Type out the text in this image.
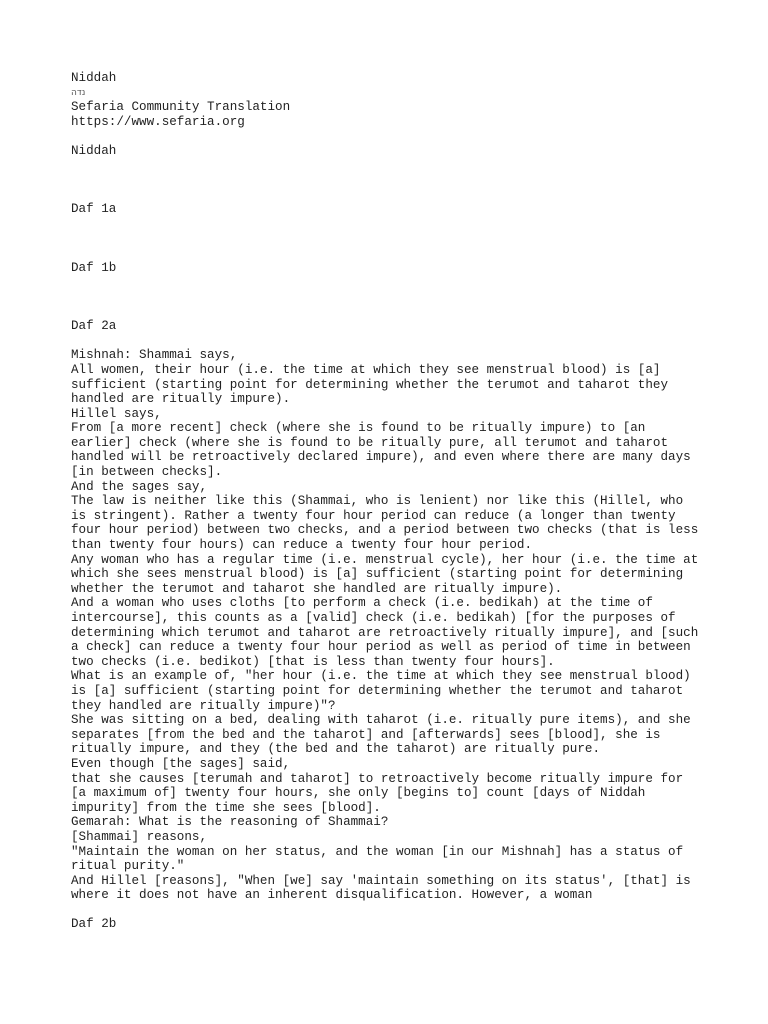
Niddah
נדה
Sefaria Community Translation
https://www.sefaria.org
Niddah
Daf 1a
Daf 1b
Daf 2a
Mishnah: Shammai says,
All women, their hour (i.e. the time at which they see menstrual blood) is [a]
sufficient (starting point for determining whether the terumot and taharot they
handled are ritually impure).
Hillel says,
From [a more recent] check (where she is found to be ritually impure) to [an
earlier] check (where she is found to be ritually pure, all terumot and taharot
handled will be retroactively declared impure), and even where there are many days
[in between checks].
And the sages say,
The law is neither like this (Shammai, who is lenient) nor like this (Hillel, who
is stringent). Rather a twenty four hour period can reduce (a longer than twenty
four hour period) between two checks, and a period between two checks (that is less
than twenty four hours) can reduce a twenty four hour period.
Any woman who has a regular time (i.e. menstrual cycle), her hour (i.e. the time at
which she sees menstrual blood) is [a] sufficient (starting point for determining
whether the terumot and taharot she handled are ritually impure).
And a woman who uses cloths [to perform a check (i.e. bedikah) at the time of
intercourse], this counts as a [valid] check (i.e. bedikah) [for the purposes of
determining which terumot and taharot are retroactively ritually impure], and [such
a check] can reduce a twenty four hour period as well as period of time in between
two checks (i.e. bedikot) [that is less than twenty four hours].
What is an example of, "her hour (i.e. the time at which they see menstrual blood)
is [a] sufficient (starting point for determining whether the terumot and taharot
they handled are ritually impure)"?
She was sitting on a bed, dealing with taharot (i.e. ritually pure items), and she
separates [from the bed and the taharot] and [afterwards] sees [blood], she is
ritually impure, and they (the bed and the taharot) are ritually pure.
Even though [the sages] said,
that she causes [terumah and taharot] to retroactively become ritually impure for
[a maximum of] twenty four hours, she only [begins to] count [days of Niddah
impurity] from the time she sees [blood].
Gemarah: What is the reasoning of Shammai?
[Shammai] reasons,
"Maintain the woman on her status, and the woman [in our Mishnah] has a status of
ritual purity."
And Hillel [reasons], "When [we] say 'maintain something on its status', [that] is
where it does not have an inherent disqualification. However, a woman
Daf 2b
